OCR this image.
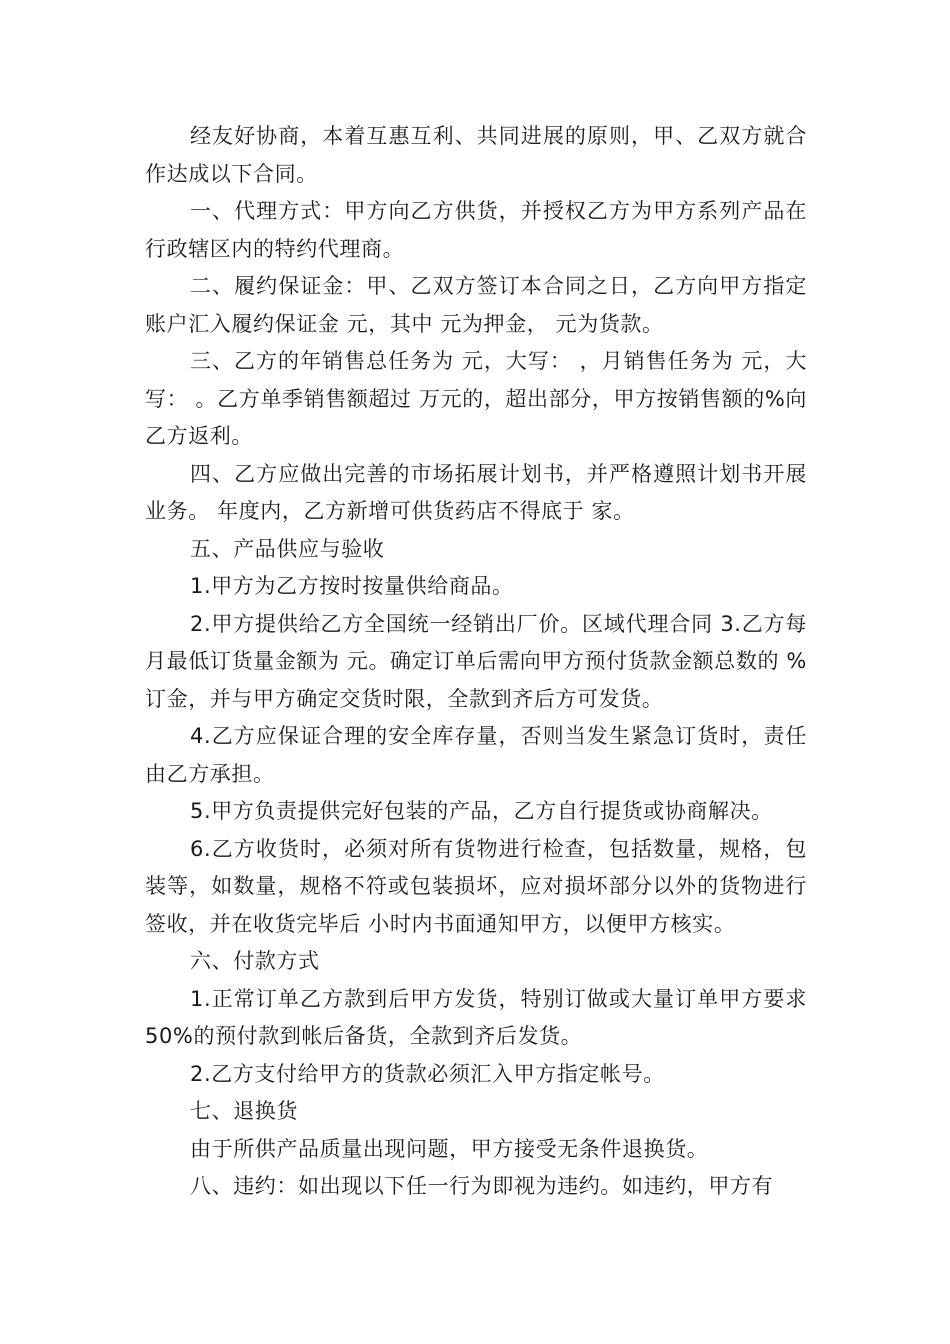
经友好协商，本着互惠互利、共同进展的原则，甲、乙双方就合作达成以下合同。

一、代理方式：甲方向乙方供货，并授权乙方为甲方系列产品在 行政辖区内的特约代理商。

二、履约保证金：甲、乙双方签订本合同之日，乙方向甲方指定账户汇入履约保证金 元，其中 元为押金， 元为货款。

三、乙方的年销售总任务为 元，大写： ，月销售任务为 元，大写： 。乙方单季销售额超过 万元的，超出部分，甲方按销售额的%向乙方返利。

四、乙方应做出完善的市场拓展计划书，并严格遵照计划书开展业务。 年度内，乙方新增可供货药店不得底于 家。

五、产品供应与验收

1.甲方为乙方按时按量供给商品。

2.甲方提供给乙方全国统一经销出厂价。区域代理合同 3.乙方每月最低订货量金额为 元。确定订单后需向甲方预付货款金额总数的 %订金，并与甲方确定交货时限，全款到齐后方可发货。

4.乙方应保证合理的安全库存量，否则当发生紧急订货时，责任由乙方承担。

5.甲方负责提供完好包装的产品，乙方自行提货或协商解决。

6.乙方收货时，必须对所有货物进行检查，包括数量，规格，包装等，如数量，规格不符或包装损坏，应对损坏部分以外的货物进行签收，并在收货完毕后 小时内书面通知甲方，以便甲方核实。

六、付款方式

1.正常订单乙方款到后甲方发货，特别订做或大量订单甲方要求 50%的预付款到帐后备货，全款到齐后发货。

2.乙方支付给甲方的货款必须汇入甲方指定帐号。

七、退换货

由于所供产品质量出现问题，甲方接受无条件退换货。

八、违约：如出现以下任一行为即视为违约。如违约，甲方有
